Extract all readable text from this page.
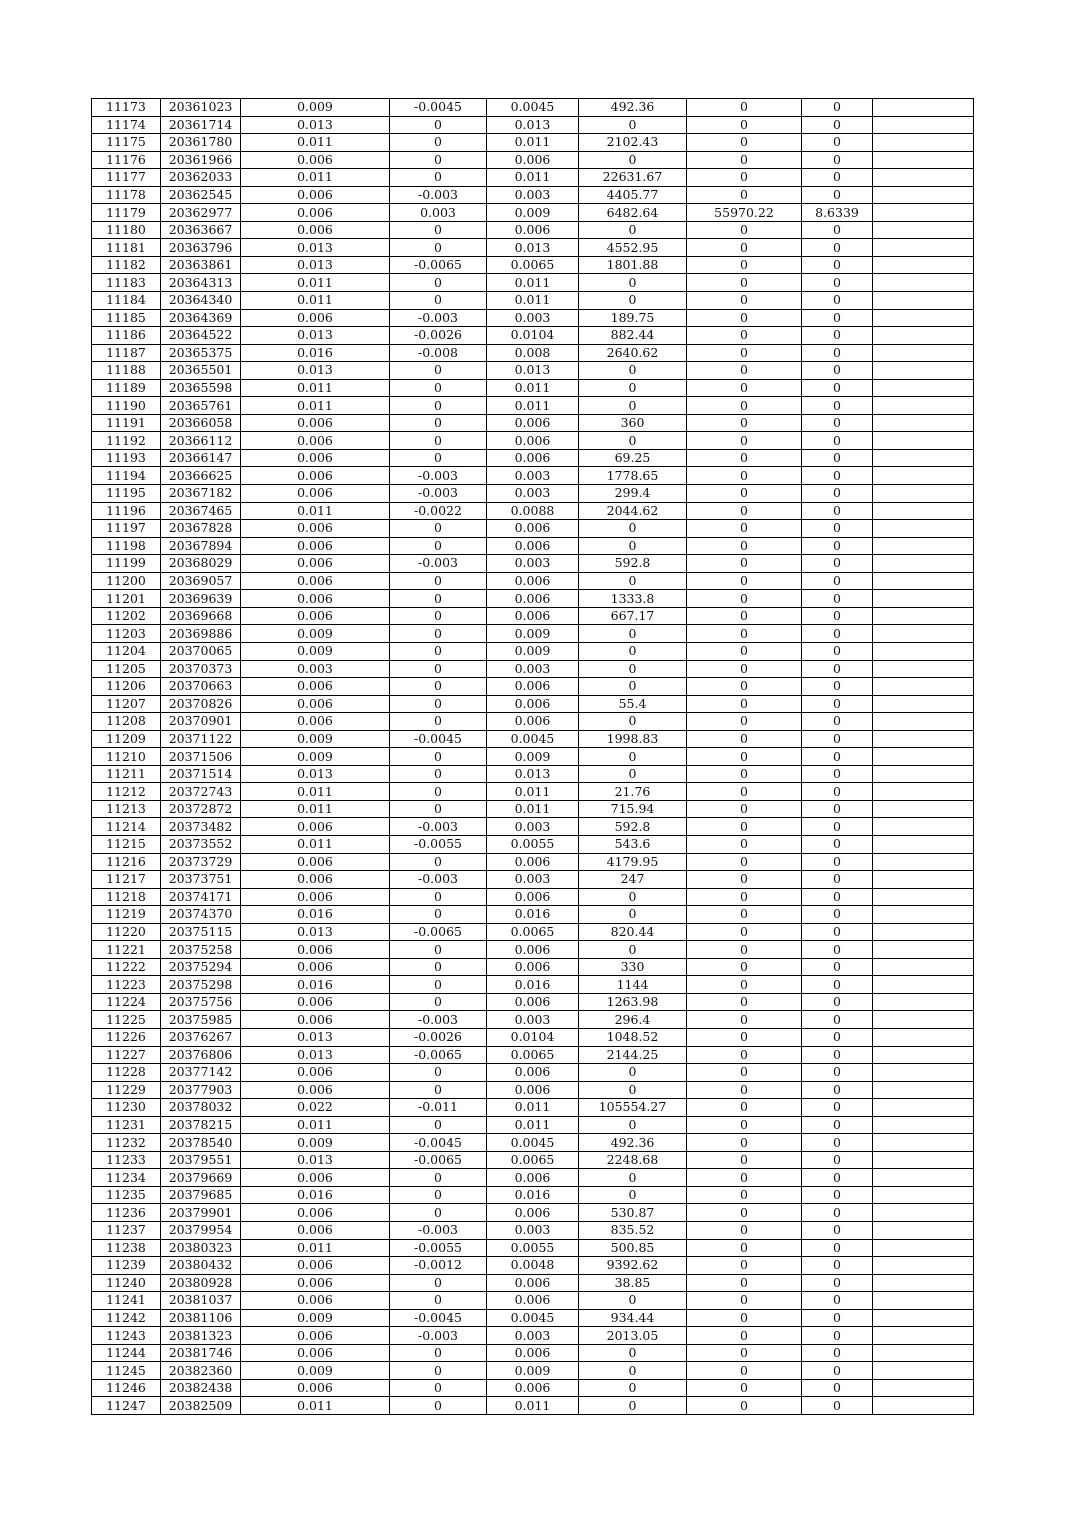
11173	20361023	0.009	-0.0045	0.0045	492.36	0	0	
11174	20361714	0.013	0	0.013	0	0	0	
11175	20361780	0.011	0	0.011	2102.43	0	0	
11176	20361966	0.006	0	0.006	0	0	0	
11177	20362033	0.011	0	0.011	22631.67	0	0	
11178	20362545	0.006	-0.003	0.003	4405.77	0	0	
11179	20362977	0.006	0.003	0.009	6482.64	55970.22	8.6339	
11180	20363667	0.006	0	0.006	0	0	0	
11181	20363796	0.013	0	0.013	4552.95	0	0	
11182	20363861	0.013	-0.0065	0.0065	1801.88	0	0	
11183	20364313	0.011	0	0.011	0	0	0	
11184	20364340	0.011	0	0.011	0	0	0	
11185	20364369	0.006	-0.003	0.003	189.75	0	0	
11186	20364522	0.013	-0.0026	0.0104	882.44	0	0	
11187	20365375	0.016	-0.008	0.008	2640.62	0	0	
11188	20365501	0.013	0	0.013	0	0	0	
11189	20365598	0.011	0	0.011	0	0	0	
11190	20365761	0.011	0	0.011	0	0	0	
11191	20366058	0.006	0	0.006	360	0	0	
11192	20366112	0.006	0	0.006	0	0	0	
11193	20366147	0.006	0	0.006	69.25	0	0	
11194	20366625	0.006	-0.003	0.003	1778.65	0	0	
11195	20367182	0.006	-0.003	0.003	299.4	0	0	
11196	20367465	0.011	-0.0022	0.0088	2044.62	0	0	
11197	20367828	0.006	0	0.006	0	0	0	
11198	20367894	0.006	0	0.006	0	0	0	
11199	20368029	0.006	-0.003	0.003	592.8	0	0	
11200	20369057	0.006	0	0.006	0	0	0	
11201	20369639	0.006	0	0.006	1333.8	0	0	
11202	20369668	0.006	0	0.006	667.17	0	0	
11203	20369886	0.009	0	0.009	0	0	0	
11204	20370065	0.009	0	0.009	0	0	0	
11205	20370373	0.003	0	0.003	0	0	0	
11206	20370663	0.006	0	0.006	0	0	0	
11207	20370826	0.006	0	0.006	55.4	0	0	
11208	20370901	0.006	0	0.006	0	0	0	
11209	20371122	0.009	-0.0045	0.0045	1998.83	0	0	
11210	20371506	0.009	0	0.009	0	0	0	
11211	20371514	0.013	0	0.013	0	0	0	
11212	20372743	0.011	0	0.011	21.76	0	0	
11213	20372872	0.011	0	0.011	715.94	0	0	
11214	20373482	0.006	-0.003	0.003	592.8	0	0	
11215	20373552	0.011	-0.0055	0.0055	543.6	0	0	
11216	20373729	0.006	0	0.006	4179.95	0	0	
11217	20373751	0.006	-0.003	0.003	247	0	0	
11218	20374171	0.006	0	0.006	0	0	0	
11219	20374370	0.016	0	0.016	0	0	0	
11220	20375115	0.013	-0.0065	0.0065	820.44	0	0	
11221	20375258	0.006	0	0.006	0	0	0	
11222	20375294	0.006	0	0.006	330	0	0	
11223	20375298	0.016	0	0.016	1144	0	0	
11224	20375756	0.006	0	0.006	1263.98	0	0	
11225	20375985	0.006	-0.003	0.003	296.4	0	0	
11226	20376267	0.013	-0.0026	0.0104	1048.52	0	0	
11227	20376806	0.013	-0.0065	0.0065	2144.25	0	0	
11228	20377142	0.006	0	0.006	0	0	0	
11229	20377903	0.006	0	0.006	0	0	0	
11230	20378032	0.022	-0.011	0.011	105554.27	0	0	
11231	20378215	0.011	0	0.011	0	0	0	
11232	20378540	0.009	-0.0045	0.0045	492.36	0	0	
11233	20379551	0.013	-0.0065	0.0065	2248.68	0	0	
11234	20379669	0.006	0	0.006	0	0	0	
11235	20379685	0.016	0	0.016	0	0	0	
11236	20379901	0.006	0	0.006	530.87	0	0	
11237	20379954	0.006	-0.003	0.003	835.52	0	0	
11238	20380323	0.011	-0.0055	0.0055	500.85	0	0	
11239	20380432	0.006	-0.0012	0.0048	9392.62	0	0	
11240	20380928	0.006	0	0.006	38.85	0	0	
11241	20381037	0.006	0	0.006	0	0	0	
11242	20381106	0.009	-0.0045	0.0045	934.44	0	0	
11243	20381323	0.006	-0.003	0.003	2013.05	0	0	
11244	20381746	0.006	0	0.006	0	0	0	
11245	20382360	0.009	0	0.009	0	0	0	
11246	20382438	0.006	0	0.006	0	0	0	
11247	20382509	0.011	0	0.011	0	0	0	
